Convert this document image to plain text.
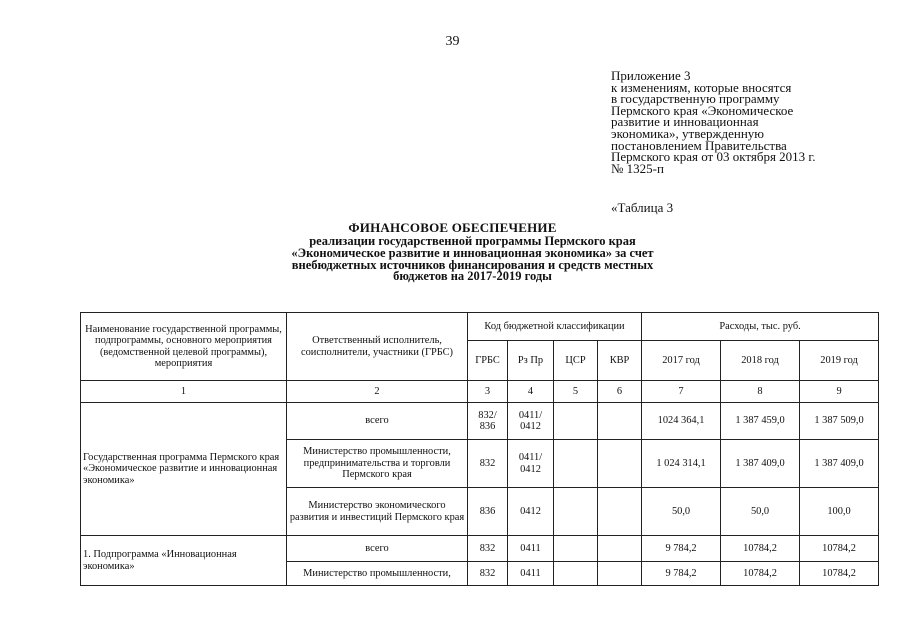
39
Приложение 3
к изменениям, которые вносятся
в государственную программу
Пермского края «Экономическое
развитие и инновационная
экономика», утвержденную
постановлением Правительства
Пермского края от 03 октября 2013 г.
№ 1325-п
«Таблица 3
ФИНАНСОВОЕ ОБЕСПЕЧЕНИЕ
реализации государственной программы Пермского края
«Экономическое развитие и инновационная экономика» за счет
внебюджетных источников финансирования и средств местных
бюджетов на 2017-2019 годы
Наименование государственной программы, подпрограммы, основного мероприятия (ведомственной целевой программы), мероприятия	Ответственный исполнитель, соисполнители, участники (ГРБС)	Код бюджетной классификации				Расходы, тыс. руб.		
		ГРБС	Рз Пр	ЦСР	КВР	2017 год	2018 год	2019 год
1	2	3	4	5	6	7	8	9
Государственная программа Пермского края «Экономическое развитие и инновационная экономика»	всего	832/ 836	0411/ 0412			1024 364,1	1 387 459,0	1 387 509,0
	Министерство промышленности, предпринимательства и торговли Пермского края	832	0411/ 0412			1 024 314,1	1 387 409,0	1 387 409,0
	Министерство экономического развития и инвестиций Пермского края	836	0412			50,0	50,0	100,0
1. Подпрограмма «Инновационная экономика»	всего	832	0411			9 784,2	10784,2	10784,2
	Министерство промышленности,	832	0411			9 784,2	10784,2	10784,2
